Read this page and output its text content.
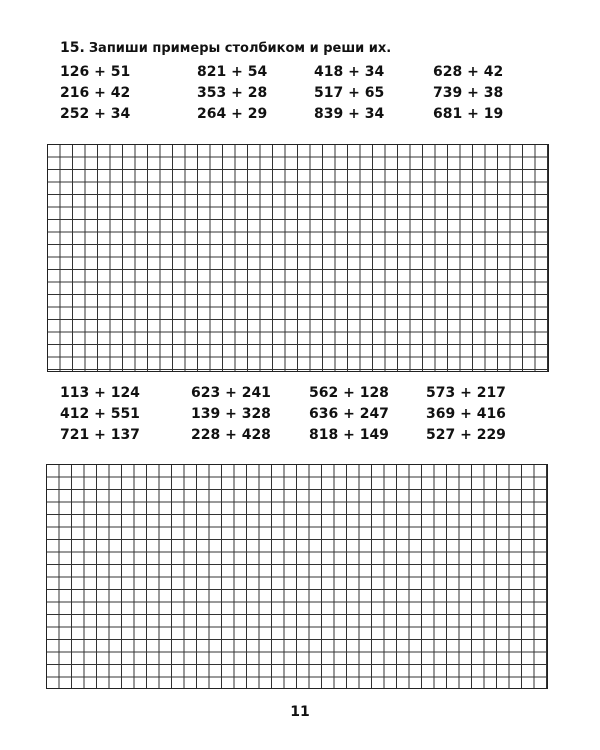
15. Запиши примеры столбиком и реши их.
126 + 51	821 + 54	418 + 34	628 + 42
216 + 42	353 + 28	517 + 65	739 + 38
252 + 34	264 + 29	839 + 34	681 + 19
113 + 124	623 + 241	562 + 128	573 + 217
412 + 551	139 + 328	636 + 247	369 + 416
721 + 137	228 + 428	818 + 149	527 + 229
11
